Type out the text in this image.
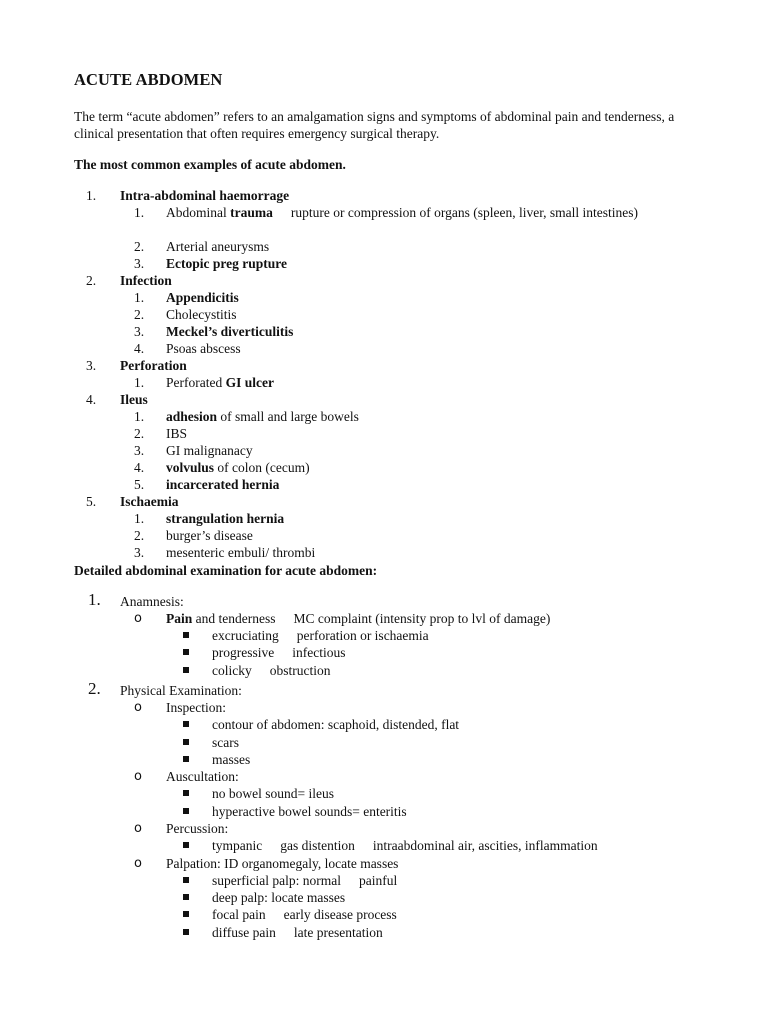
ACUTE ABDOMEN
The term “acute abdomen” refers to an amalgamation signs and symptoms of abdominal pain and tenderness, a clinical presentation that often requires emergency surgical therapy.
The most common examples of acute abdomen.
1. Intra-abdominal haemorrage
1. Abdominal trauma rupture or compression of organs (spleen, liver, small intestines)
2. Arterial aneurysms
3. Ectopic preg rupture
2. Infection
1. Appendicitis
2. Cholecystitis
3. Meckel’s diverticulitis
4. Psoas abscess
3. Perforation
1. Perforated GI ulcer
4. Ileus
1. adhesion of small and large bowels
2. IBS
3. GI malignanacy
4. volvulus of colon (cecum)
5. incarcerated hernia
5. Ischaemia
1. strangulation hernia
2. burger’s disease
3. mesenteric embuli/ thrombi
Detailed abdominal examination for acute abdomen:
1. Anamnesis:
o Pain and tenderness MC complaint (intensity prop to lvl of damage)
excruciating perforation or ischaemia
progressive infectious
colicky obstruction
2. Physical Examination:
o Inspection:
contour of abdomen: scaphoid, distended, flat
scars
masses
o Auscultation:
no bowel sound= ileus
hyperactive bowel sounds= enteritis
o Percussion:
tympanic gas distention intraabdominal air, ascities, inflammation
o Palpation: ID organomegaly, locate masses
superficial palp: normal painful
deep palp: locate masses
focal pain early disease process
diffuse pain late presentation
